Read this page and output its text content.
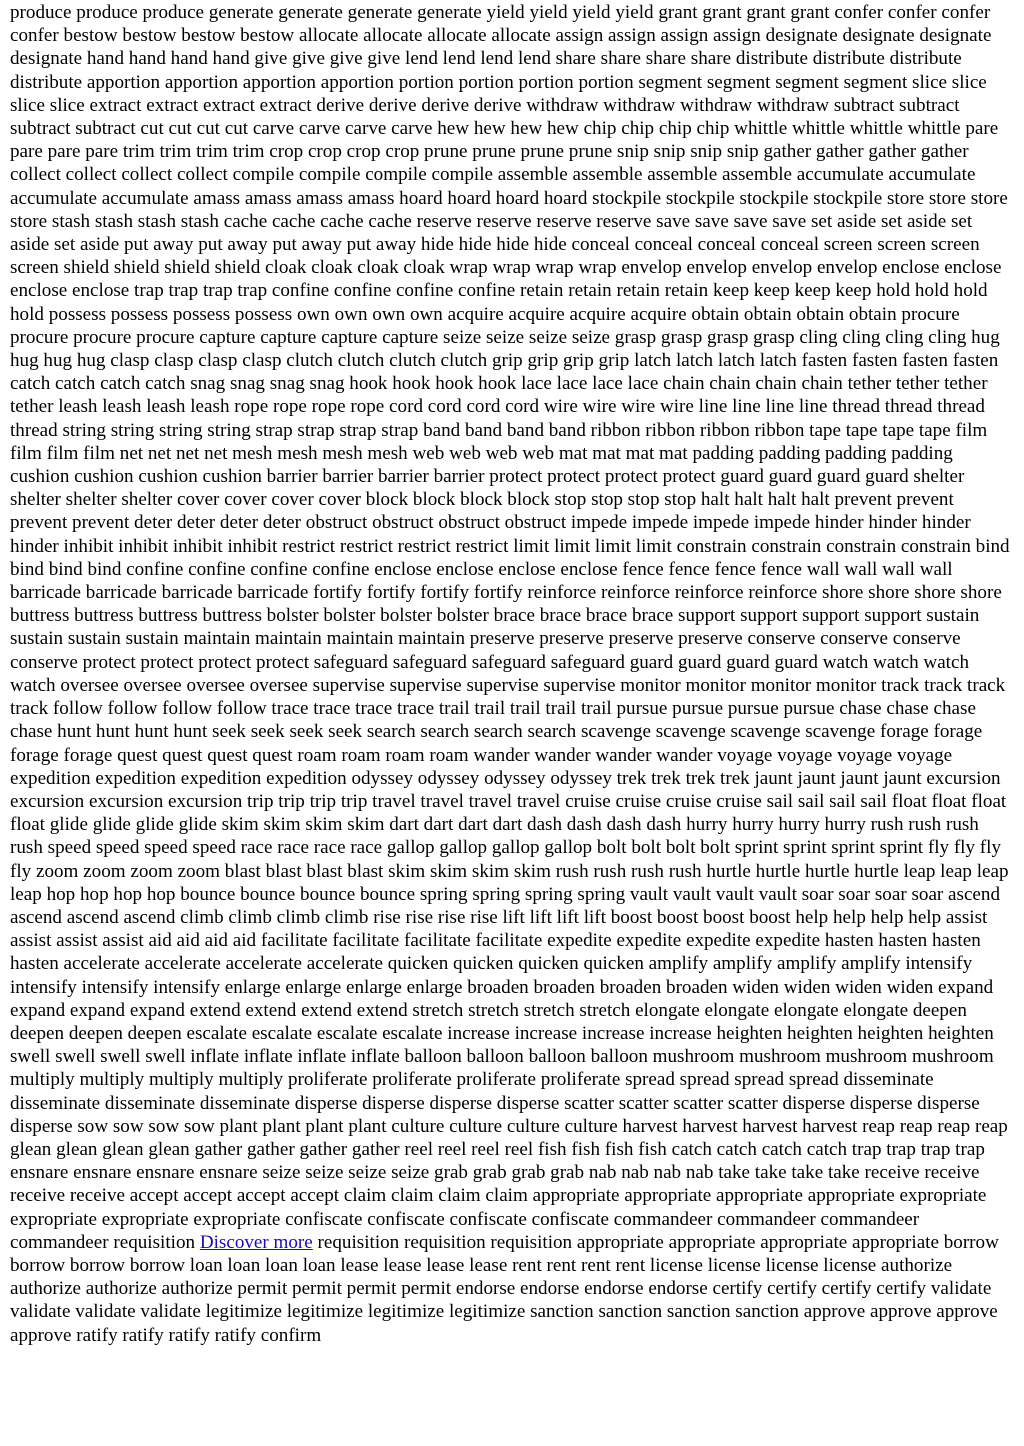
produce produce produce generate generate generate generate yield yield yield yield grant grant grant grant confer confer confer confer bestow bestow bestow bestow allocate allocate allocate allocate assign assign assign assign designate designate designate designate hand hand hand hand give give give give lend lend lend lend share share share share distribute distribute distribute distribute apportion apportion apportion apportion portion portion portion portion segment segment segment segment slice slice slice slice extract extract extract extract derive derive derive derive withdraw withdraw withdraw withdraw subtract subtract subtract subtract cut cut cut cut carve carve carve carve hew hew hew hew chip chip chip chip whittle whittle whittle whittle pare pare pare pare trim trim trim trim crop crop crop crop prune prune prune prune snip snip snip snip gather gather gather gather collect collect collect collect compile compile compile compile assemble assemble assemble assemble accumulate accumulate accumulate accumulate amass amass amass amass hoard hoard hoard hoard stockpile stockpile stockpile stockpile store store store store stash stash stash stash cache cache cache cache reserve reserve reserve reserve save save save save set aside set aside set aside set aside put away put away put away put away hide hide hide hide conceal conceal conceal conceal screen screen screen screen shield shield shield shield cloak cloak cloak cloak wrap wrap wrap wrap envelop envelop envelop envelop enclose enclose enclose enclose trap trap trap trap confine confine confine confine retain retain retain retain keep keep keep keep hold hold hold hold possess possess possess possess own own own own acquire acquire acquire acquire obtain obtain obtain obtain procure procure procure procure capture capture capture capture seize seize seize seize grasp grasp grasp grasp cling cling cling cling hug hug hug hug clasp clasp clasp clasp clutch clutch clutch clutch grip grip grip grip latch latch latch latch fasten fasten fasten fasten catch catch catch catch snag snag snag snag hook hook hook hook lace lace lace lace chain chain chain chain tether tether tether tether leash leash leash leash rope rope rope rope cord cord cord cord wire wire wire wire line line line line thread thread thread thread string string string string strap strap strap strap band band band band ribbon ribbon ribbon ribbon tape tape tape tape film film film film net net net net mesh mesh mesh mesh web web web web mat mat mat mat padding padding padding padding cushion cushion cushion cushion barrier barrier barrier barrier protect protect protect protect guard guard guard guard shelter shelter shelter shelter cover cover cover cover block block block block stop stop stop stop halt halt halt halt prevent prevent prevent prevent deter deter deter deter obstruct obstruct obstruct obstruct impede impede impede impede hinder hinder hinder hinder inhibit inhibit inhibit inhibit restrict restrict restrict restrict limit limit limit limit constrain constrain constrain constrain bind bind bind bind confine confine confine confine enclose enclose enclose enclose fence fence fence fence wall wall wall wall barricade barricade barricade barricade fortify fortify fortify fortify reinforce reinforce reinforce reinforce shore shore shore shore buttress buttress buttress buttress bolster bolster bolster bolster brace brace brace brace support support support support sustain sustain sustain sustain maintain maintain maintain maintain preserve preserve preserve preserve conserve conserve conserve conserve protect protect protect protect safeguard safeguard safeguard safeguard guard guard guard guard watch watch watch watch oversee oversee oversee oversee supervise supervise supervise supervise monitor monitor monitor monitor track track track track follow follow follow follow trace trace trace trace trail trail trail trail trail pursue pursue pursue pursue chase chase chase chase hunt hunt hunt hunt seek seek seek seek search search search search scavenge scavenge scavenge scavenge forage forage forage forage quest quest quest quest roam roam roam roam wander wander wander wander voyage voyage voyage voyage expedition expedition expedition expedition odyssey odyssey odyssey odyssey trek trek trek trek jaunt jaunt jaunt jaunt excursion excursion excursion excursion trip trip trip trip travel travel travel travel cruise cruise cruise cruise sail sail sail sail float float float float glide glide glide glide skim skim skim skim dart dart dart dart dash dash dash dash hurry hurry hurry hurry rush rush rush rush speed speed speed speed race race race race gallop gallop gallop gallop bolt bolt bolt bolt sprint sprint sprint sprint fly fly fly fly zoom zoom zoom zoom blast blast blast blast skim skim skim skim rush rush rush rush hurtle hurtle hurtle hurtle leap leap leap leap hop hop hop hop bounce bounce bounce bounce spring spring spring spring vault vault vault vault soar soar soar soar ascend ascend ascend ascend climb climb climb climb rise rise rise rise lift lift lift lift boost boost boost boost help help help help assist assist assist assist aid aid aid aid facilitate facilitate facilitate facilitate expedite expedite expedite expedite hasten hasten hasten hasten accelerate accelerate accelerate accelerate quicken quicken quicken quicken amplify amplify amplify amplify intensify intensify intensify intensify enlarge enlarge enlarge enlarge broaden broaden broaden broaden widen widen widen widen expand expand expand expand extend extend extend extend stretch stretch stretch stretch elongate elongate elongate elongate deepen deepen deepen deepen escalate escalate escalate escalate increase increase increase increase heighten heighten heighten heighten swell swell swell swell inflate inflate inflate inflate balloon balloon balloon balloon mushroom mushroom mushroom mushroom multiply multiply multiply multiply proliferate proliferate proliferate proliferate spread spread spread spread disseminate disseminate disseminate disseminate disperse disperse disperse disperse scatter scatter scatter scatter disperse disperse disperse disperse sow sow sow sow plant plant plant plant culture culture culture culture harvest harvest harvest harvest reap reap reap reap glean glean glean glean gather gather gather gather reel reel reel reel fish fish fish fish catch catch catch catch trap trap trap trap ensnare ensnare ensnare ensnare seize seize seize seize grab grab grab grab nab nab nab nab take take take take receive receive receive receive accept accept accept accept claim claim claim claim appropriate appropriate appropriate appropriate expropriate expropriate expropriate expropriate confiscate confiscate confiscate confiscate commandeer commandeer commandeer commandeer requisition Discover more requisition requisition requisition appropriate appropriate appropriate appropriate borrow borrow borrow borrow loan loan loan loan lease lease lease lease rent rent rent rent license license license license authorize authorize authorize authorize permit permit permit permit endorse endorse endorse endorse certify certify certify certify validate validate validate validate legitimize legitimize legitimize legitimize sanction sanction sanction sanction approve approve approve approve ratify ratify ratify ratify confirm
